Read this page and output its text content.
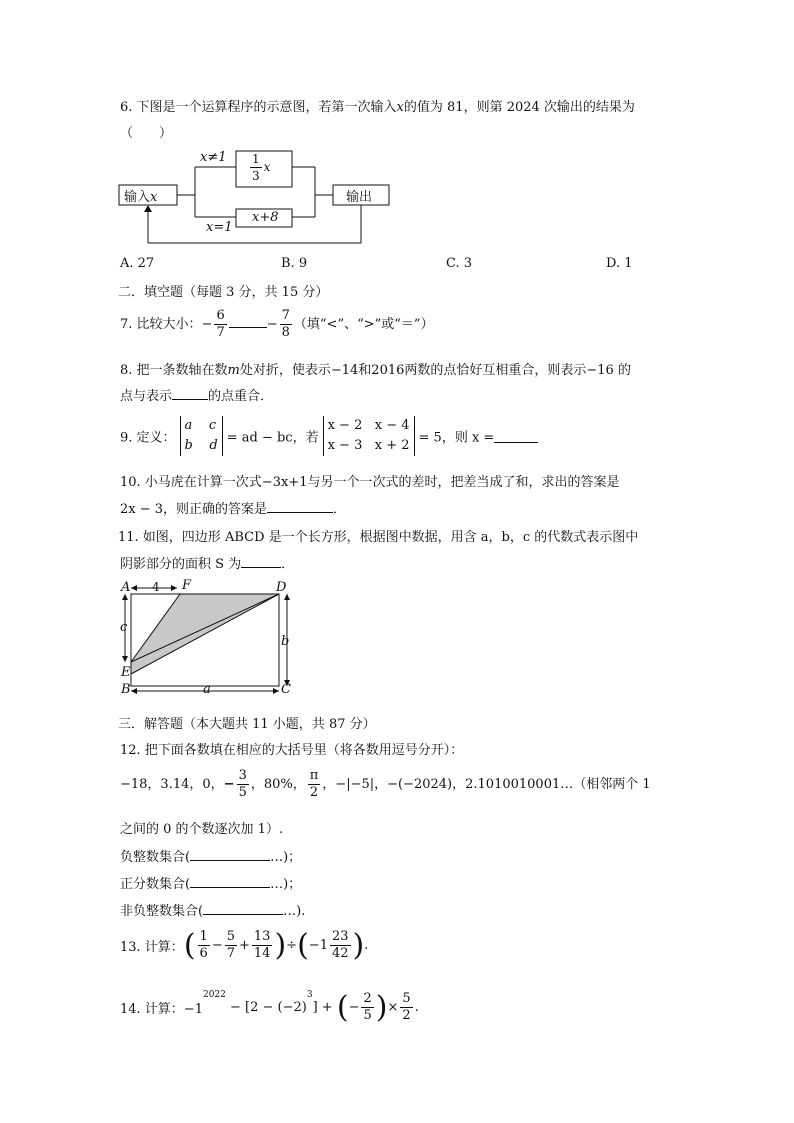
6. 下图是一个运算程序的示意图，若第一次输入x的值为 81，则第 2024 次输出的结果为
（　　）
输入x	输出
x≠1
x=1
$\frac{1}{3}$ x
x+8
A. 27	B. 9	C. 3	D. 1
二．填空题（每题 3 分，共 15 分）
7. 比较大小：− $\frac{6}{7}$	− $\frac{7}{8}$ （填“<”、“>”或“＝”）
8. 把一条数轴在数m处对折，使表示−14和2016两数的点恰好互相重合，则表示−16 的
点与表示	的点重合．
9. 定义：a c
b d = ad − bc，若x − 2 x − 4
x − 3 x + 2 = 5，则 x =
10. 小马虎在计算一次式−3x+1与另一个一次式的差时，把差当成了和，求出的答案是
2x − 3，则正确的答案是	．
11. 如图，四边形 ABCD 是一个长方形，根据图中数据，用含 a，b，c 的代数式表示图中
阴影部分的面积 S 为	．
A	F	D
E
B	C
4
c
b
a
三．解答题（本大题共 11 小题，共 87 分）
12. 把下面各数填在相应的大括号里（将各数用逗号分开）：
−18，3.14，0，− $\frac{3}{5}$ ，80%， $\frac{\pi}{2}$ ，−|−5|，−(−2024)，2.1010010001…（相邻两个 1
之间的 0 的个数逐次加 1）.
负整数集合(	…)；
正分数集合(	…)；
非负整数集合(	…).
13. 计算：( $\frac{1}{6} - \frac{5}{7} + \frac{13}{14} )\div(-1 \frac{23}{42}$ ).
14. 计算：$-1^{2022} - [2 - (-2)^3]$ + (− $\frac{2}{5}$ )× $\frac{5}{2}$ .
